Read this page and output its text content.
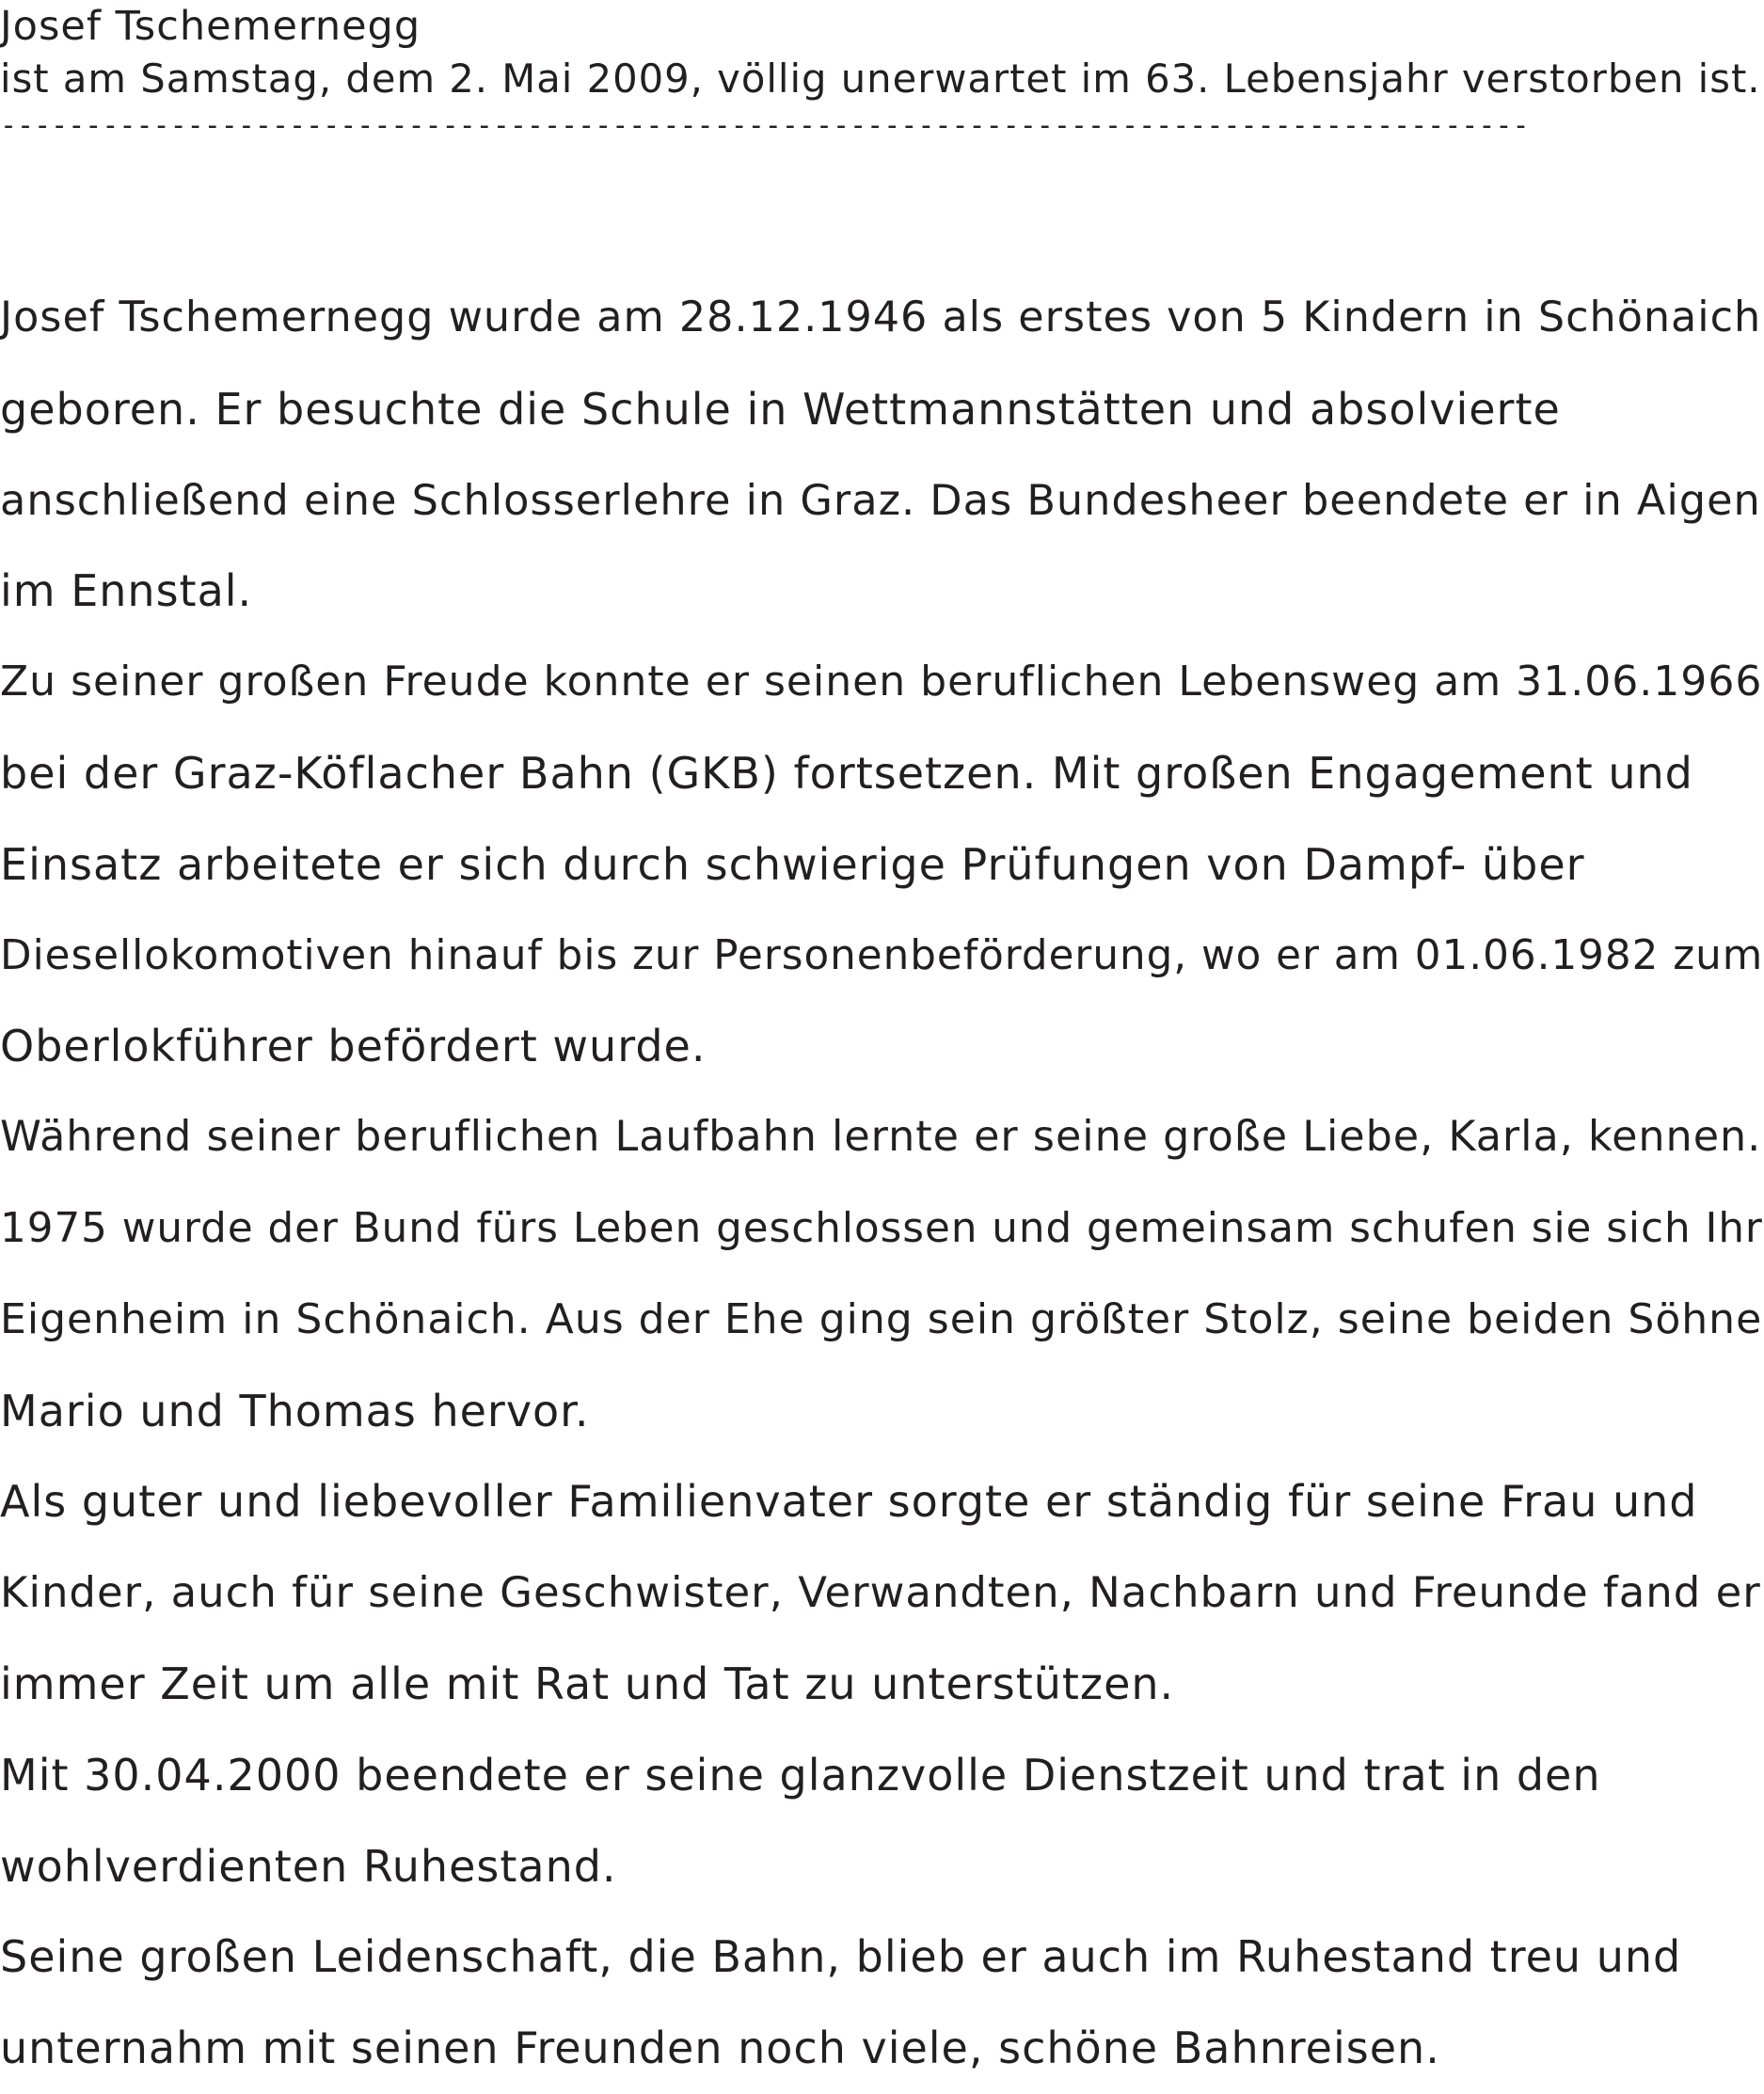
Josef Tschemernegg
ist am Samstag, dem 2. Mai 2009, völlig unerwartet im 63. Lebensjahr verstorben ist.
------------------------------------------------------------------------------------------
Josef Tschemernegg wurde am 28.12.1946 als erstes von 5 Kindern in Schönaich
geboren. Er besuchte die Schule in Wettmannstätten und absolvierte
anschließend eine Schlosserlehre in Graz. Das Bundesheer beendete er in Aigen
im Ennstal.
Zu seiner großen Freude konnte er seinen beruflichen Lebensweg am 31.06.1966
bei der Graz-Köflacher Bahn (GKB) fortsetzen. Mit großen Engagement und
Einsatz arbeitete er sich durch schwierige Prüfungen von Dampf- über
Diesellokomotiven hinauf bis zur Personenbeförderung, wo er am 01.06.1982 zum
Oberlokführer befördert wurde.
Während seiner beruflichen Laufbahn lernte er seine große Liebe, Karla, kennen.
1975 wurde der Bund fürs Leben geschlossen und gemeinsam schufen sie sich Ihr
Eigenheim in Schönaich. Aus der Ehe ging sein größter Stolz, seine beiden Söhne
Mario und Thomas hervor.
Als guter und liebevoller Familienvater sorgte er ständig für seine Frau und
Kinder, auch für seine Geschwister, Verwandten, Nachbarn und Freunde fand er
immer Zeit um alle mit Rat und Tat zu unterstützen.
Mit 30.04.2000 beendete er seine glanzvolle Dienstzeit und trat in den
wohlverdienten Ruhestand.
Seine großen Leidenschaft, die Bahn, blieb er auch im Ruhestand treu und
unternahm mit seinen Freunden noch viele, schöne Bahnreisen.
